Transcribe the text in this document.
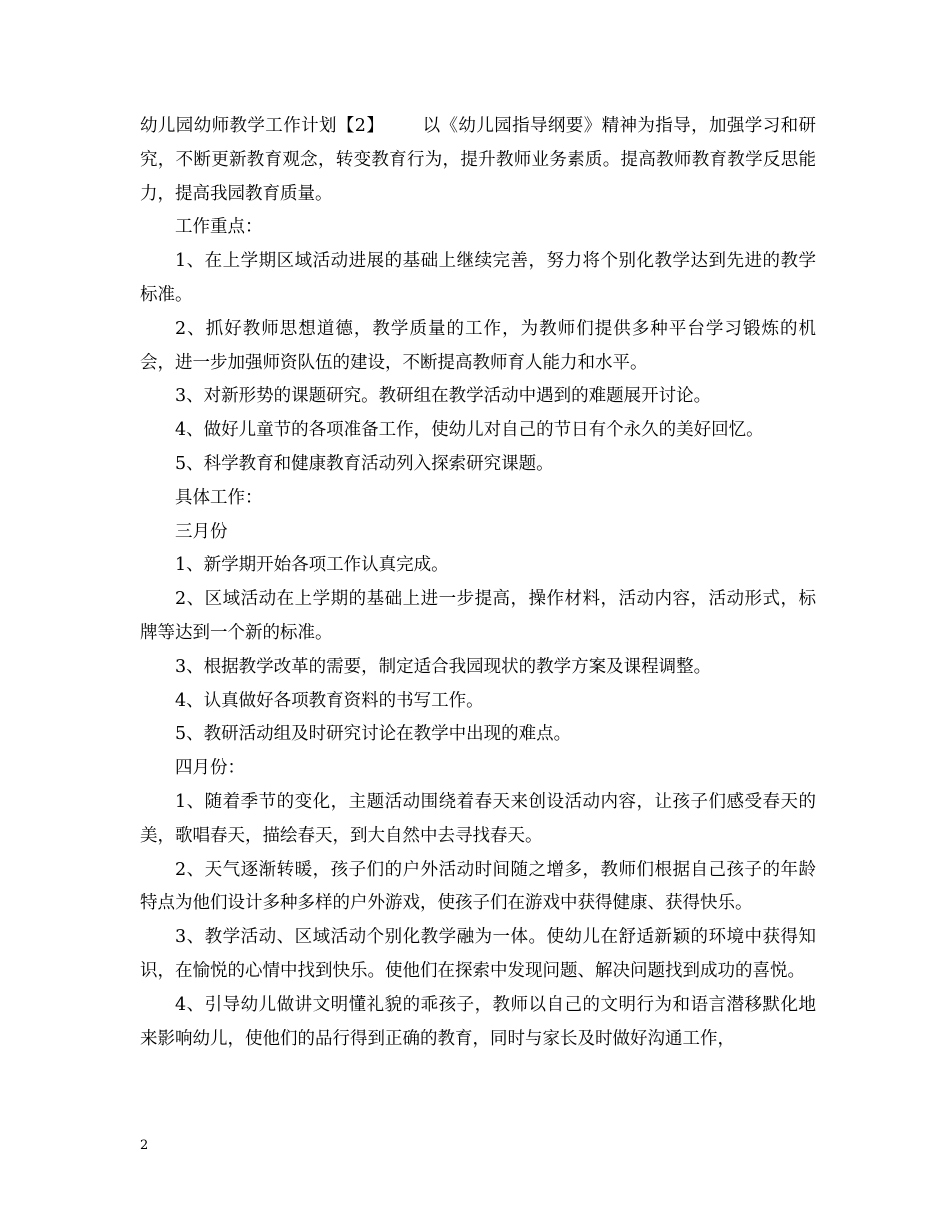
幼儿园幼师教学工作计划【2】 以《幼儿园指导纲要》精神为指导，加强学习和研究，不断更新教育观念，转变教育行为，提升教师业务素质。提高教师教育教学反思能力，提高我园教育质量。

工作重点：

1、在上学期区域活动进展的基础上继续完善，努力将个别化教学达到先进的教学标准。

2、抓好教师思想道德，教学质量的工作，为教师们提供多种平台学习锻炼的机会，进一步加强师资队伍的建设，不断提高教师育人能力和水平。

3、对新形势的课题研究。教研组在教学活动中遇到的难题展开讨论。

4、做好儿童节的各项准备工作，使幼儿对自己的节日有个永久的美好回忆。

5、科学教育和健康教育活动列入探索研究课题。

具体工作：

三月份

1、新学期开始各项工作认真完成。

2、区域活动在上学期的基础上进一步提高，操作材料，活动内容，活动形式，标牌等达到一个新的标准。

3、根据教学改革的需要，制定适合我园现状的教学方案及课程调整。

4、认真做好各项教育资料的书写工作。

5、教研活动组及时研究讨论在教学中出现的难点。

四月份：

1、随着季节的变化，主题活动围绕着春天来创设活动内容，让孩子们感受春天的美，歌唱春天，描绘春天，到大自然中去寻找春天。

2、天气逐渐转暖，孩子们的户外活动时间随之增多，教师们根据自己孩子的年龄特点为他们设计多种多样的户外游戏，使孩子们在游戏中获得健康、获得快乐。

3、教学活动、区域活动个别化教学融为一体。使幼儿在舒适新颖的环境中获得知识，在愉悦的心情中找到快乐。使他们在探索中发现问题、解决问题找到成功的喜悦。

4、引导幼儿做讲文明懂礼貌的乖孩子，教师以自己的文明行为和语言潜移默化地来影响幼儿，使他们的品行得到正确的教育，同时与家长及时做好沟通工作，

2
